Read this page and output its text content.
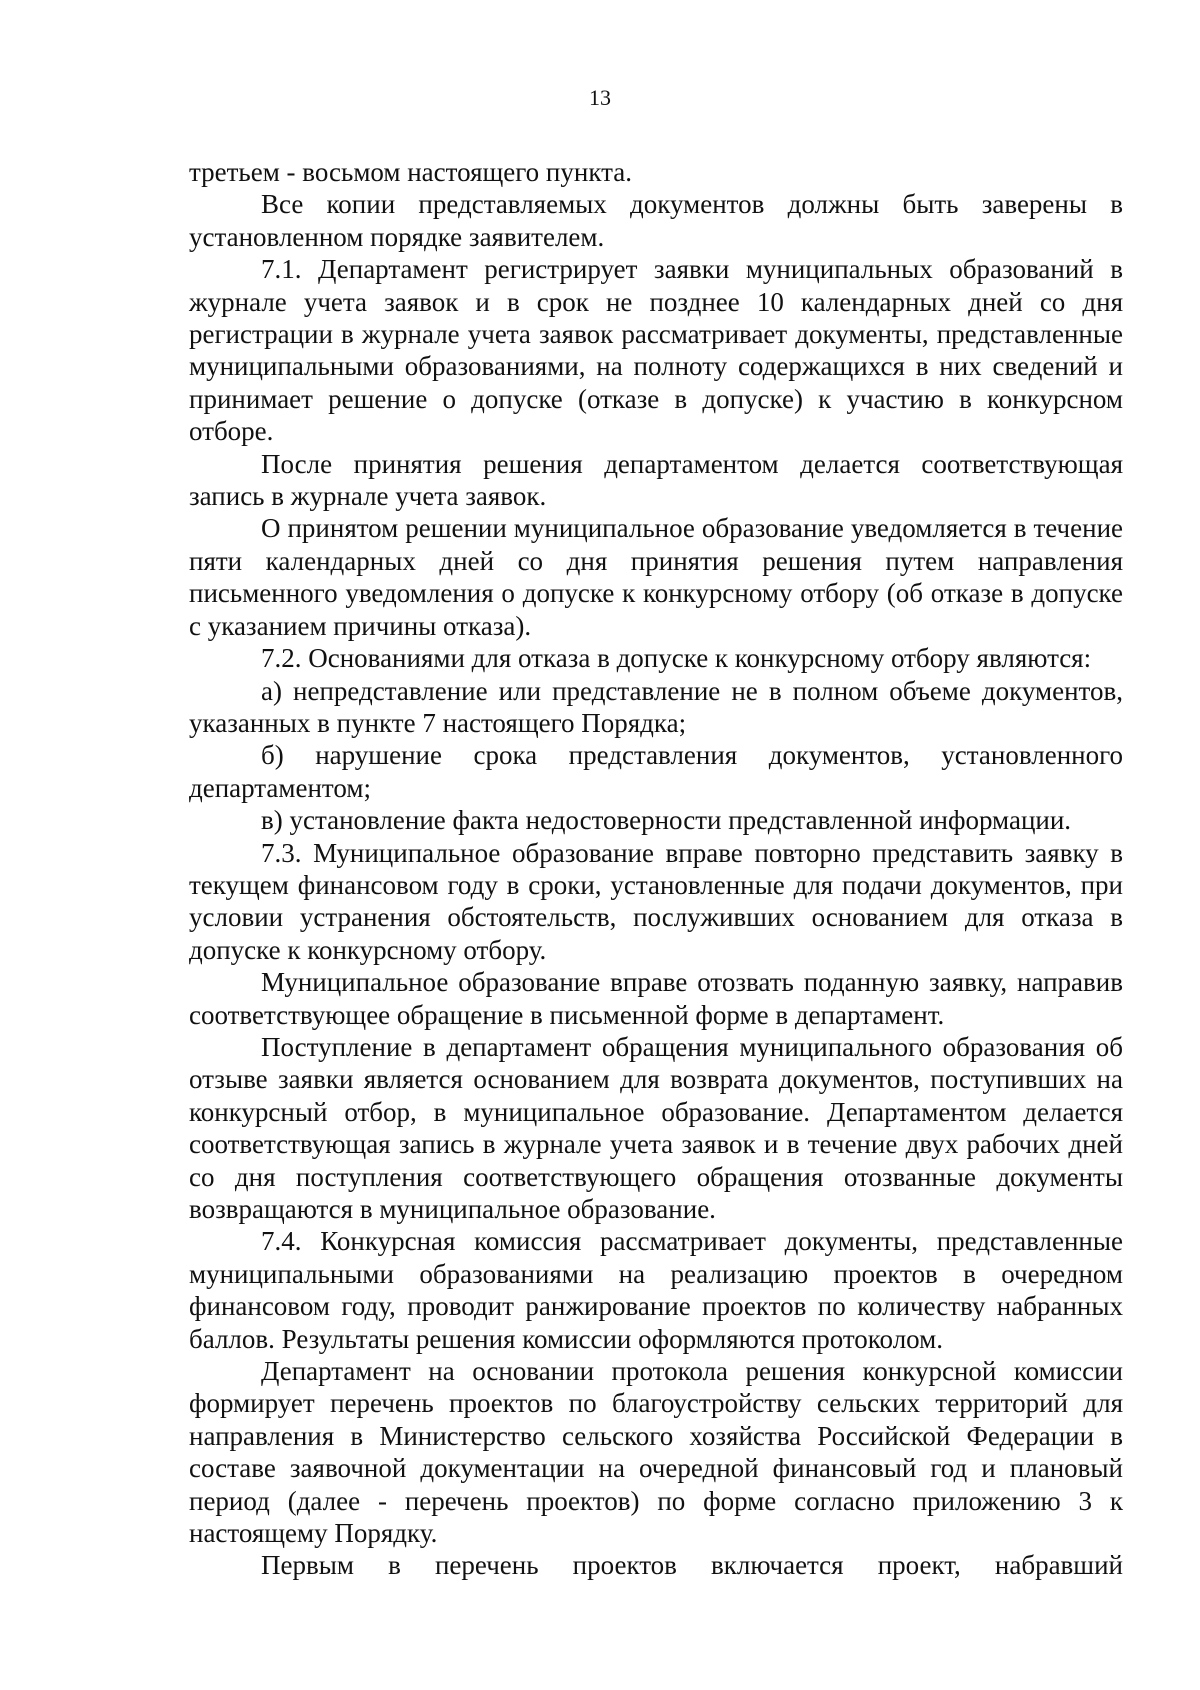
13

третьем - восьмом настоящего пункта.

Все копии представляемых документов должны быть заверены в установленном порядке заявителем.

7.1. Департамент регистрирует заявки муниципальных образований в журнале учета заявок и в срок не позднее 10 календарных дней со дня регистрации в журнале учета заявок рассматривает документы, представленные муниципальными образованиями, на полноту содержащихся в них сведений и принимает решение о допуске (отказе в допуске) к участию в конкурсном отборе.

После принятия решения департаментом делается соответствующая запись в журнале учета заявок.

О принятом решении муниципальное образование уведомляется в течение пяти календарных дней со дня принятия решения путем направления письменного уведомления о допуске к конкурсному отбору (об отказе в допуске с указанием причины отказа).

7.2. Основаниями для отказа в допуске к конкурсному отбору являются:

а) непредставление или представление не в полном объеме документов, указанных в пункте 7 настоящего Порядка;

б) нарушение срока представления документов, установленного департаментом;

в) установление факта недостоверности представленной информации.

7.3. Муниципальное образование вправе повторно представить заявку в текущем финансовом году в сроки, установленные для подачи документов, при условии устранения обстоятельств, послуживших основанием для отказа в допуске к конкурсному отбору.

Муниципальное образование вправе отозвать поданную заявку, направив соответствующее обращение в письменной форме в департамент.

Поступление в департамент обращения муниципального образования об отзыве заявки является основанием для возврата документов, поступивших на конкурсный отбор, в муниципальное образование. Департаментом делается соответствующая запись в журнале учета заявок и в течение двух рабочих дней со дня поступления соответствующего обращения отозванные документы возвращаются в муниципальное образование.

7.4. Конкурсная комиссия рассматривает документы, представленные муниципальными образованиями на реализацию проектов в очередном финансовом году, проводит ранжирование проектов по количеству набранных баллов. Результаты решения комиссии оформляются протоколом.

Департамент на основании протокола решения конкурсной комиссии формирует перечень проектов по благоустройству сельских территорий для направления в Министерство сельского хозяйства Российской Федерации в составе заявочной документации на очередной финансовый год и плановый период (далее - перечень проектов) по форме согласно приложению 3 к настоящему Порядку.

Первым в перечень проектов включается проект, набравший
